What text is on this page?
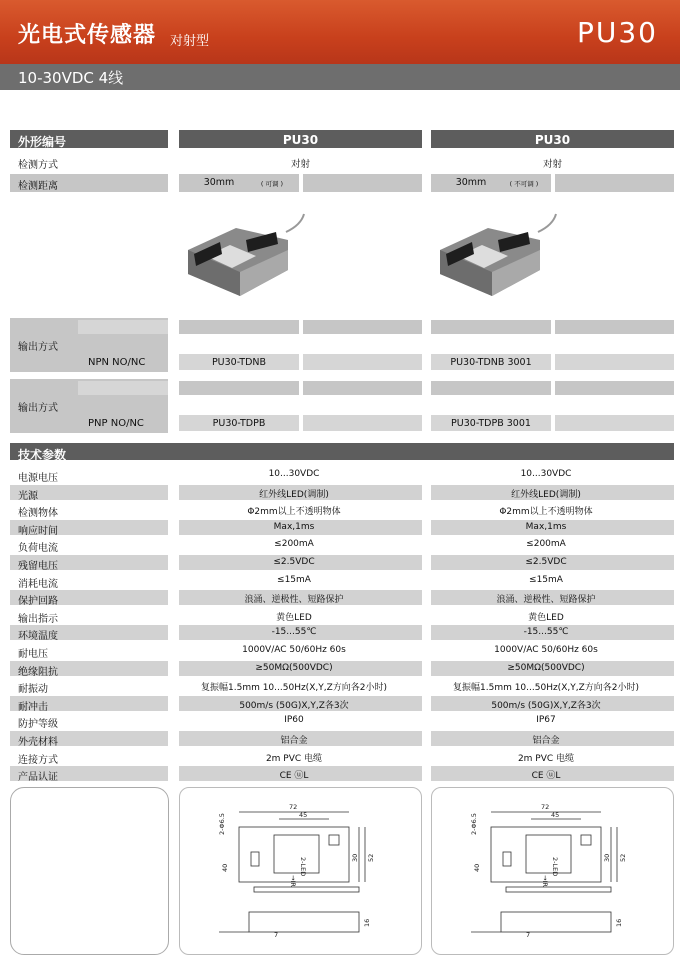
光电式传感器 对射型	PU30
10-30VDC 4线
外形编号	PU30	PU30
检测方式	对射	对射
检测距离	30mm	( 可调 )	30mm	( 不可调 )
输出方式
NPN NO/NC	PU30-TDNB	PU30-TDNB 3001
输出方式
PNP NO/NC	PU30-TDPB	PU30-TDPB 3001
技术参数
电源电压	10...30VDC	10...30VDC
光源	红外线LED(调制)	红外线LED(调制)
检测物体	Φ2mm以上不透明物体	Φ2mm以上不透明物体
响应时间	Max,1ms	Max,1ms
负荷电流	≤200mA	≤200mA
残留电压	≤2.5VDC	≤2.5VDC
消耗电流	≤15mA	≤15mA
保护回路	浪涌、逆极性、短路保护	浪涌、逆极性、短路保护
输出指示	黄色LED	黄色LED
环境温度	-15...55℃	-15...55℃
耐电压	1000V/AC 50/60Hz 60s	1000V/AC 50/60Hz 60s
绝缘阻抗	≥50MΩ(500VDC)	≥50MΩ(500VDC)
耐振动	复振幅1.5mm 10...50Hz(X,Y,Z方向各2小时)	复振幅1.5mm 10...50Hz(X,Y,Z方向各2小时)
耐冲击	500m/s (50G)X,Y,Z各3次	500m/s (50G)X,Y,Z各3次
防护等级	IP60	IP67
外壳材料	铝合金	铝合金
连接方式	2m PVC 电缆	2m PVC 电缆
产品认证	CE ⓤL	CE ⓤL
72
45
2-Φ6.5
40
30 52
16
7
2-LED
→IR
72
45
2-Φ6.5
40
30 52
16
7
2-LED
→IR
